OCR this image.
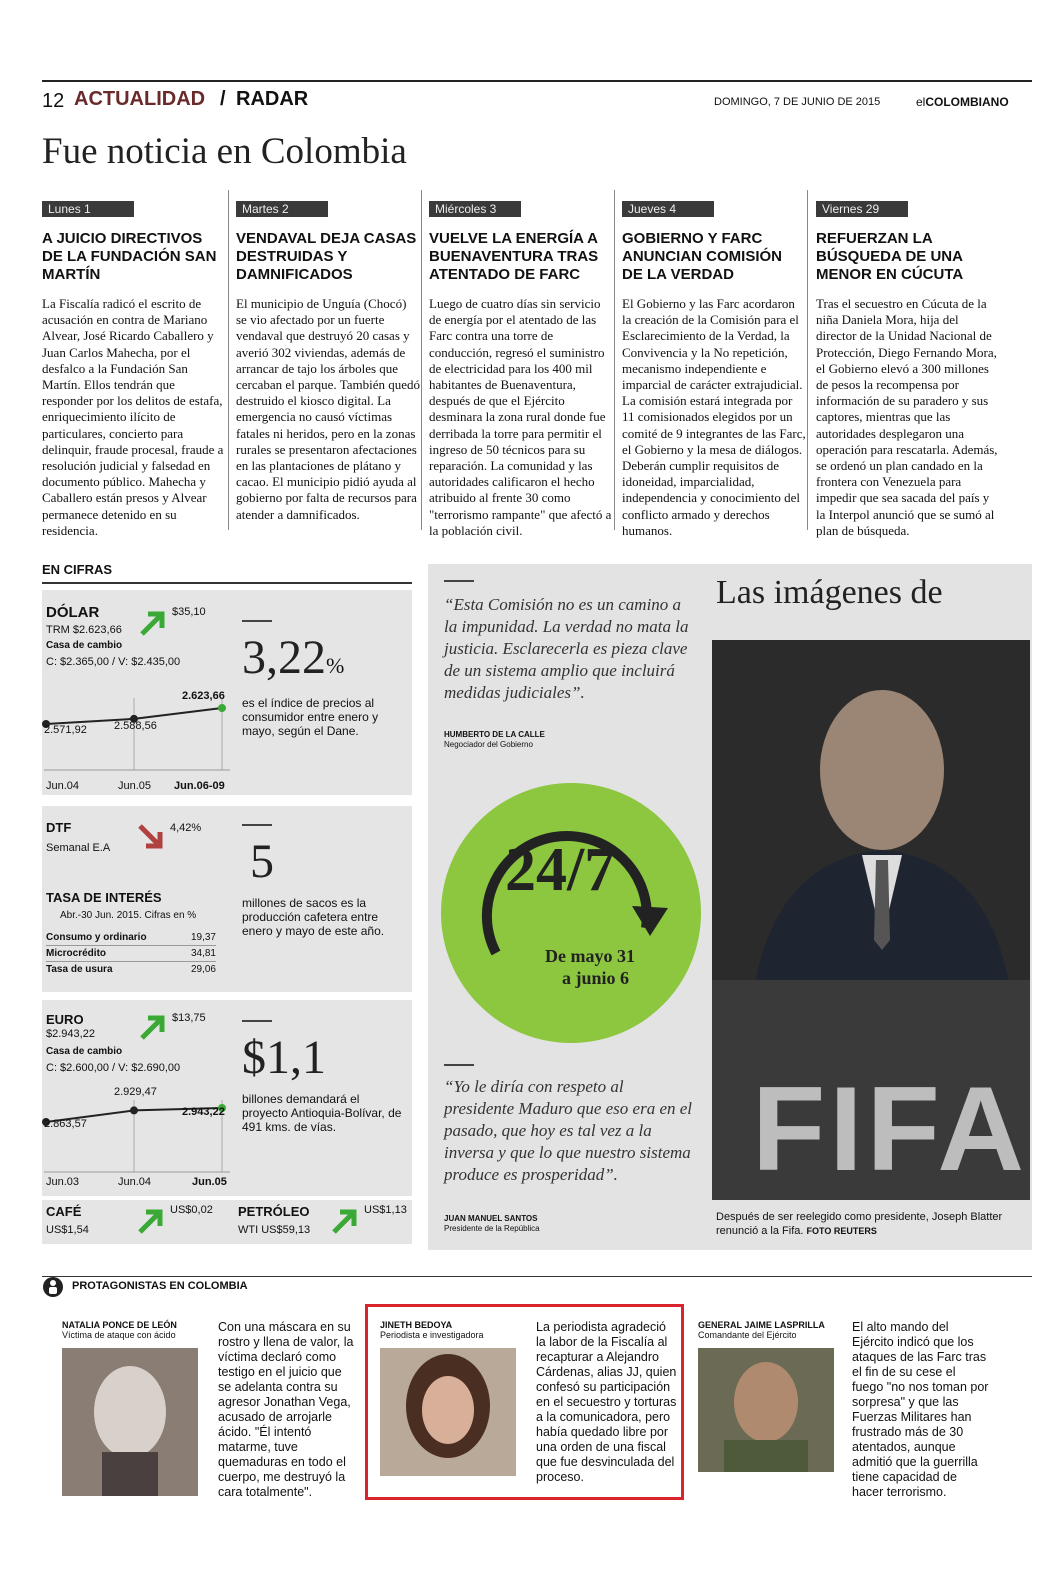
12 ACTUALIDAD / RADAR	DOMINGO, 7 DE JUNIO DE 2015	elCOLOMBIANO
Fue noticia en Colombia
Lunes 1
A JUICIO DIRECTIVOS DE LA FUNDACIÓN SAN MARTÍN

La Fiscalía radicó el escrito de acusación en contra de Mariano Alvear, José Ricardo Caballero y Juan Carlos Mahecha, por el desfalco a la Fundación San Martín. Ellos tendrán que responder por los delitos de estafa, enriquecimiento ilícito de particulares, concierto para delinquir, fraude procesal, fraude a resolución judicial y falsedad en documento público. Mahecha y Caballero están presos y Alvear permanece detenido en su residencia.

Martes 2
VENDAVAL DEJA CASAS DESTRUIDAS Y DAMNIFICADOS

El municipio de Unguía (Chocó) se vio afectado por un fuerte vendaval que destruyó 20 casas y averió 302 viviendas, además de arrancar de tajo los árboles que cercaban el parque. También quedó destruido el kiosco digital. La emergencia no causó víctimas fatales ni heridos, pero en la zonas rurales se presentaron afectaciones en las plantaciones de plátano y cacao. El municipio pidió ayuda al gobierno por falta de recursos para atender a damnificados.

Miércoles 3
VUELVE LA ENERGÍA A BUENAVENTURA TRAS ATENTADO DE FARC

Luego de cuatro días sin servicio de energía por el atentado de las Farc contra una torre de conducción, regresó el suministro de electricidad para los 400 mil habitantes de Buenaventura, después de que el Ejército desminara la zona rural donde fue derribada la torre para permitir el ingreso de 50 técnicos para su reparación. La comunidad y las autoridades calificaron el hecho atribuido al frente 30 como "terrorismo rampante" que afectó a la población civil.

Jueves 4
GOBIERNO Y FARC ANUNCIAN COMISIÓN DE LA VERDAD

El Gobierno y las Farc acordaron la creación de la Comisión para el Esclarecimiento de la Verdad, la Convivencia y la No repetición, mecanismo independiente e imparcial de carácter extrajudicial. La comisión estará integrada por 11 comisionados elegidos por un comité de 9 integrantes de las Farc, el Gobierno y la mesa de diálogos. Deberán cumplir requisitos de idoneidad, imparcialidad, independencia y conocimiento del conflicto armado y derechos humanos.

Viernes 29
REFUERZAN LA BÚSQUEDA DE UNA MENOR EN CÚCUTA

Tras el secuestro en Cúcuta de la niña Daniela Mora, hija del director de la Unidad Nacional de Protección, Diego Fernando Mora, el Gobierno elevó a 300 millones de pesos la recompensa por información de su paradero y sus captores, mientras que las autoridades desplegaron una operación para rescatarla. Además, se ordenó un plan candado en la frontera con Venezuela para impedir que sea sacada del país y la Interpol anunció que se sumó al plan de búsqueda.

EN CIFRAS
DÓLAR
TRM $2.623,66
$35,10
Casa de cambio
C: $2.365,00 / V: $2.435,00
2.571,92 2.588,56
2.623,66
Jun.04	Jun.05 Jun.06-09
3,22%
es el índice de precios al consumidor entre enero y mayo, según el Dane.
DTF
Semanal E.A
4,42%
TASA DE INTERÉS
Abr.-30 Jun. 2015. Cifras en %
Consumo y ordinario	19,37
Microcrédito	34,81
Tasa de usura	29,06
5
millones de sacos es la producción cafetera entre enero y mayo de este año.
EURO
$2.943,22
$13,75
Casa de cambio
C: $2.600,00 / V: $2.690,00
2.863,57
2.929,47
2.943,22
Jun.03	Jun.04	Jun.05
$1,1
billones demandará el proyecto Antioquia-Bolívar, de 491 kms. de vías.
CAFÉ
US$1,54
US$0,02 PETRÓLEO
WTI US$59,13
US$1,13
Las imágenes de
“Esta Comisión no es un camino a la impunidad. La verdad no mata la justicia. Esclarecerla es pieza clave de un sistema amplio que incluirá medidas judiciales”.
HUMBERTO DE LA CALLE
Negociador del Gobierno
24/7
De mayo 31
a junio 6
“Yo le diría con respeto al presidente Maduro que eso era en el pasado, que hoy es tal vez a la inversa y que lo que nuestro sistema produce es prosperidad”.
JUAN MANUEL SANTOS
Presidente de la República
FIFA
Después de ser reelegido como presidente, Joseph Blatter renunció a la Fifa. FOTO REUTERS
PROTAGONISTAS EN COLOMBIA
NATALIA PONCE DE LEÓN
Víctima de ataque con ácido
Con una máscara en su rostro y llena de valor, la víctima declaró como testigo en el juicio que se adelanta contra su agresor Jonathan Vega, acusado de arrojarle ácido. "Él intentó matarme, tuve quemaduras en todo el cuerpo, me destruyó la cara totalmente".
JINETH BEDOYA
Periodista e investigadora
La periodista agradeció la labor de la Fiscalía al recapturar a Alejandro Cárdenas, alias JJ, quien confesó su participación en el secuestro y torturas a la comunicadora, pero había quedado libre por una orden de una fiscal que fue desvinculada del proceso.
GENERAL JAIME LASPRILLA
Comandante del Ejército
El alto mando del Ejército indicó que los ataques de las Farc tras el fin de su cese el fuego "no nos toman por sorpresa" y que las Fuerzas Militares han frustrado más de 30 atentados, aunque admitió que la guerrilla tiene capacidad de hacer terrorismo.
